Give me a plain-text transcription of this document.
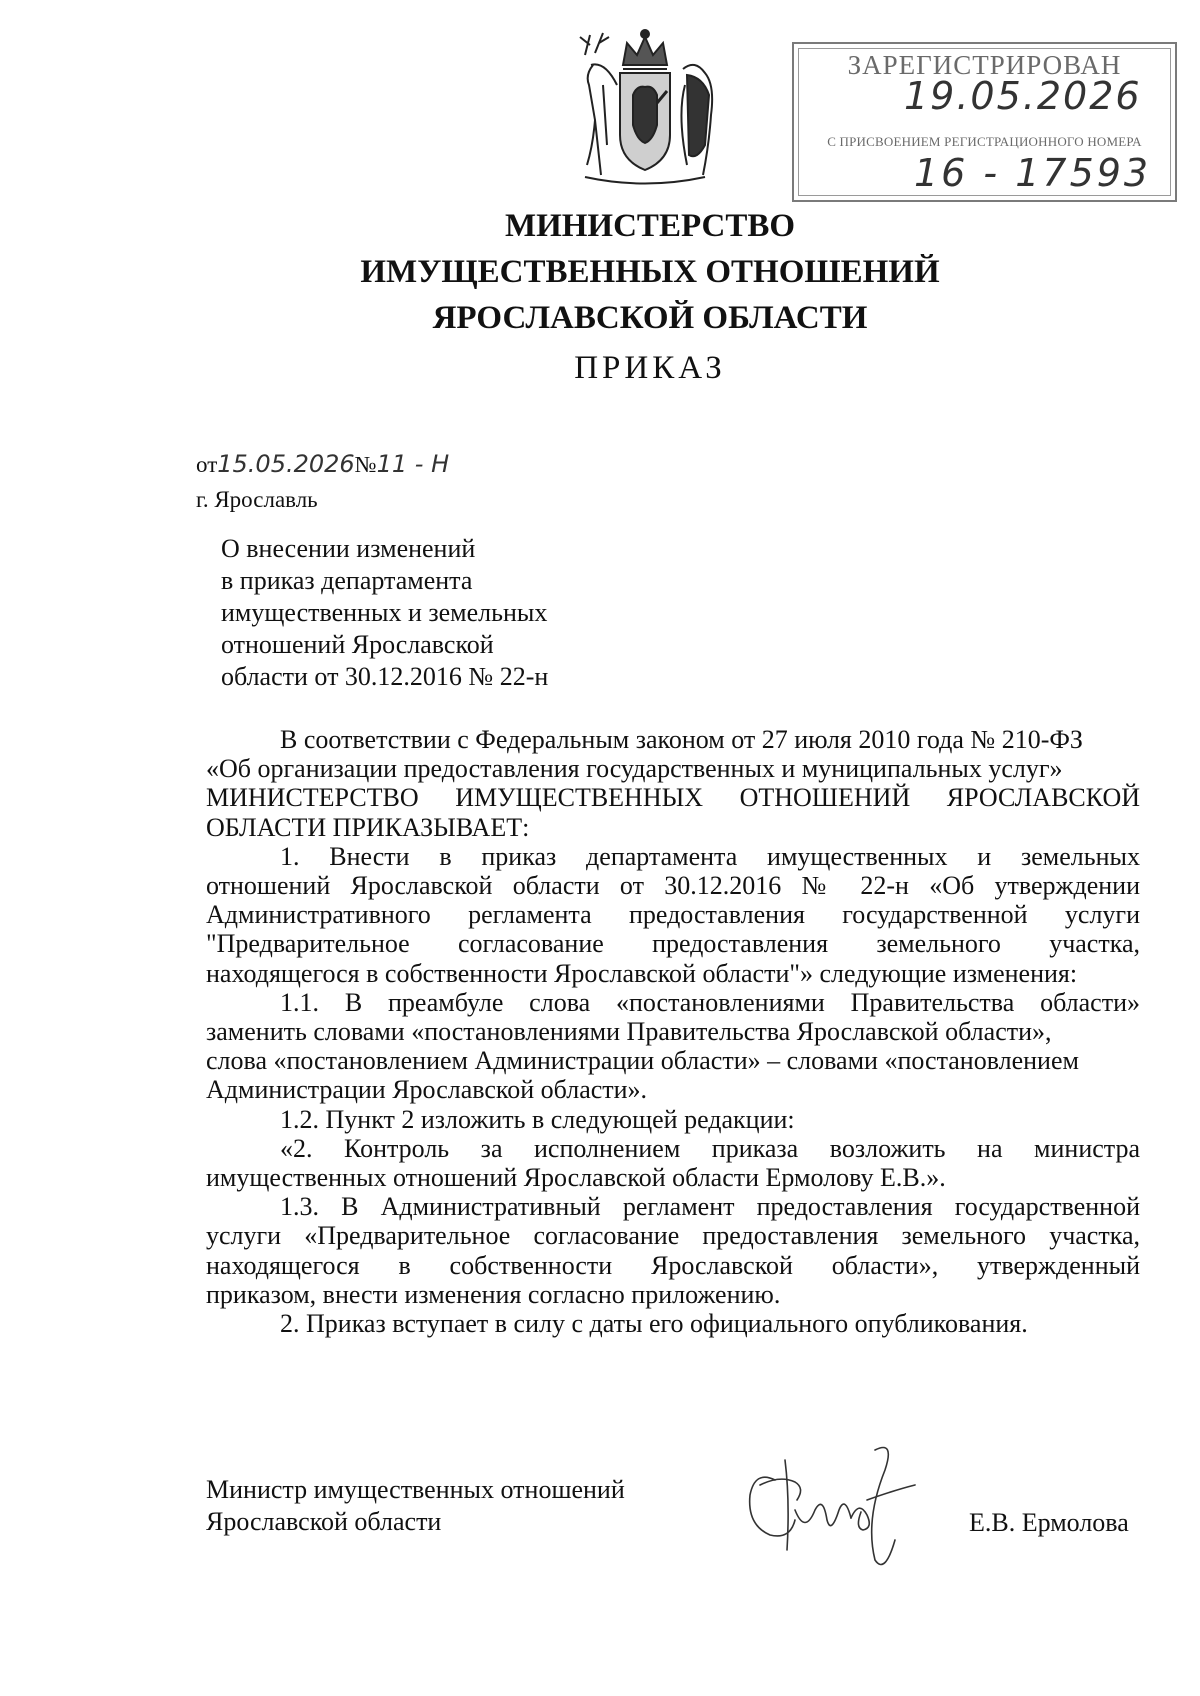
ЗАРЕГИСТРИРОВАН
19.05.2026
С ПРИСВОЕНИЕМ РЕГИСТРАЦИОННОГО НОМЕРА
16 - 17593
МИНИСТЕРСТВО
ИМУЩЕСТВЕННЫХ ОТНОШЕНИЙ
ЯРОСЛАВСКОЙ ОБЛАСТИ
ПРИКАЗ
от15.05.2026№11 - Н
г. Ярославль
О внесении изменений
в приказ департамента
имущественных и земельных
отношений Ярославской
области от 30.12.2016 № 22-н
В соответствии с Федеральным законом от 27 июля 2010 года № 210-ФЗ
«Об организации предоставления государственных и муниципальных услуг»
МИНИСТЕРСТВО ИМУЩЕСТВЕННЫХ ОТНОШЕНИЙ ЯРОСЛАВСКОЙ
ОБЛАСТИ ПРИКАЗЫВАЕТ:
1. Внести в приказ департамента имущественных и земельных
отношений Ярославской области от 30.12.2016 № 22-н «Об утверждении
Административного регламента предоставления государственной услуги
"Предварительное согласование предоставления земельного участка,
находящегося в собственности Ярославской области"» следующие изменения:
1.1. В преамбуле слова «постановлениями Правительства области»
заменить словами «постановлениями Правительства Ярославской области»,
слова «постановлением Администрации области» – словами «постановлением
Администрации Ярославской области».
1.2. Пункт 2 изложить в следующей редакции:
«2. Контроль за исполнением приказа возложить на министра
имущественных отношений Ярославской области Ермолову Е.В.».
1.3. В Административный регламент предоставления государственной
услуги «Предварительное согласование предоставления земельного участка,
находящегося в собственности Ярославской области», утвержденный
приказом, внести изменения согласно приложению.
2. Приказ вступает в силу с даты его официального опубликования.
Министр имущественных отношений
Ярославской области	Е.В. Ермолова
